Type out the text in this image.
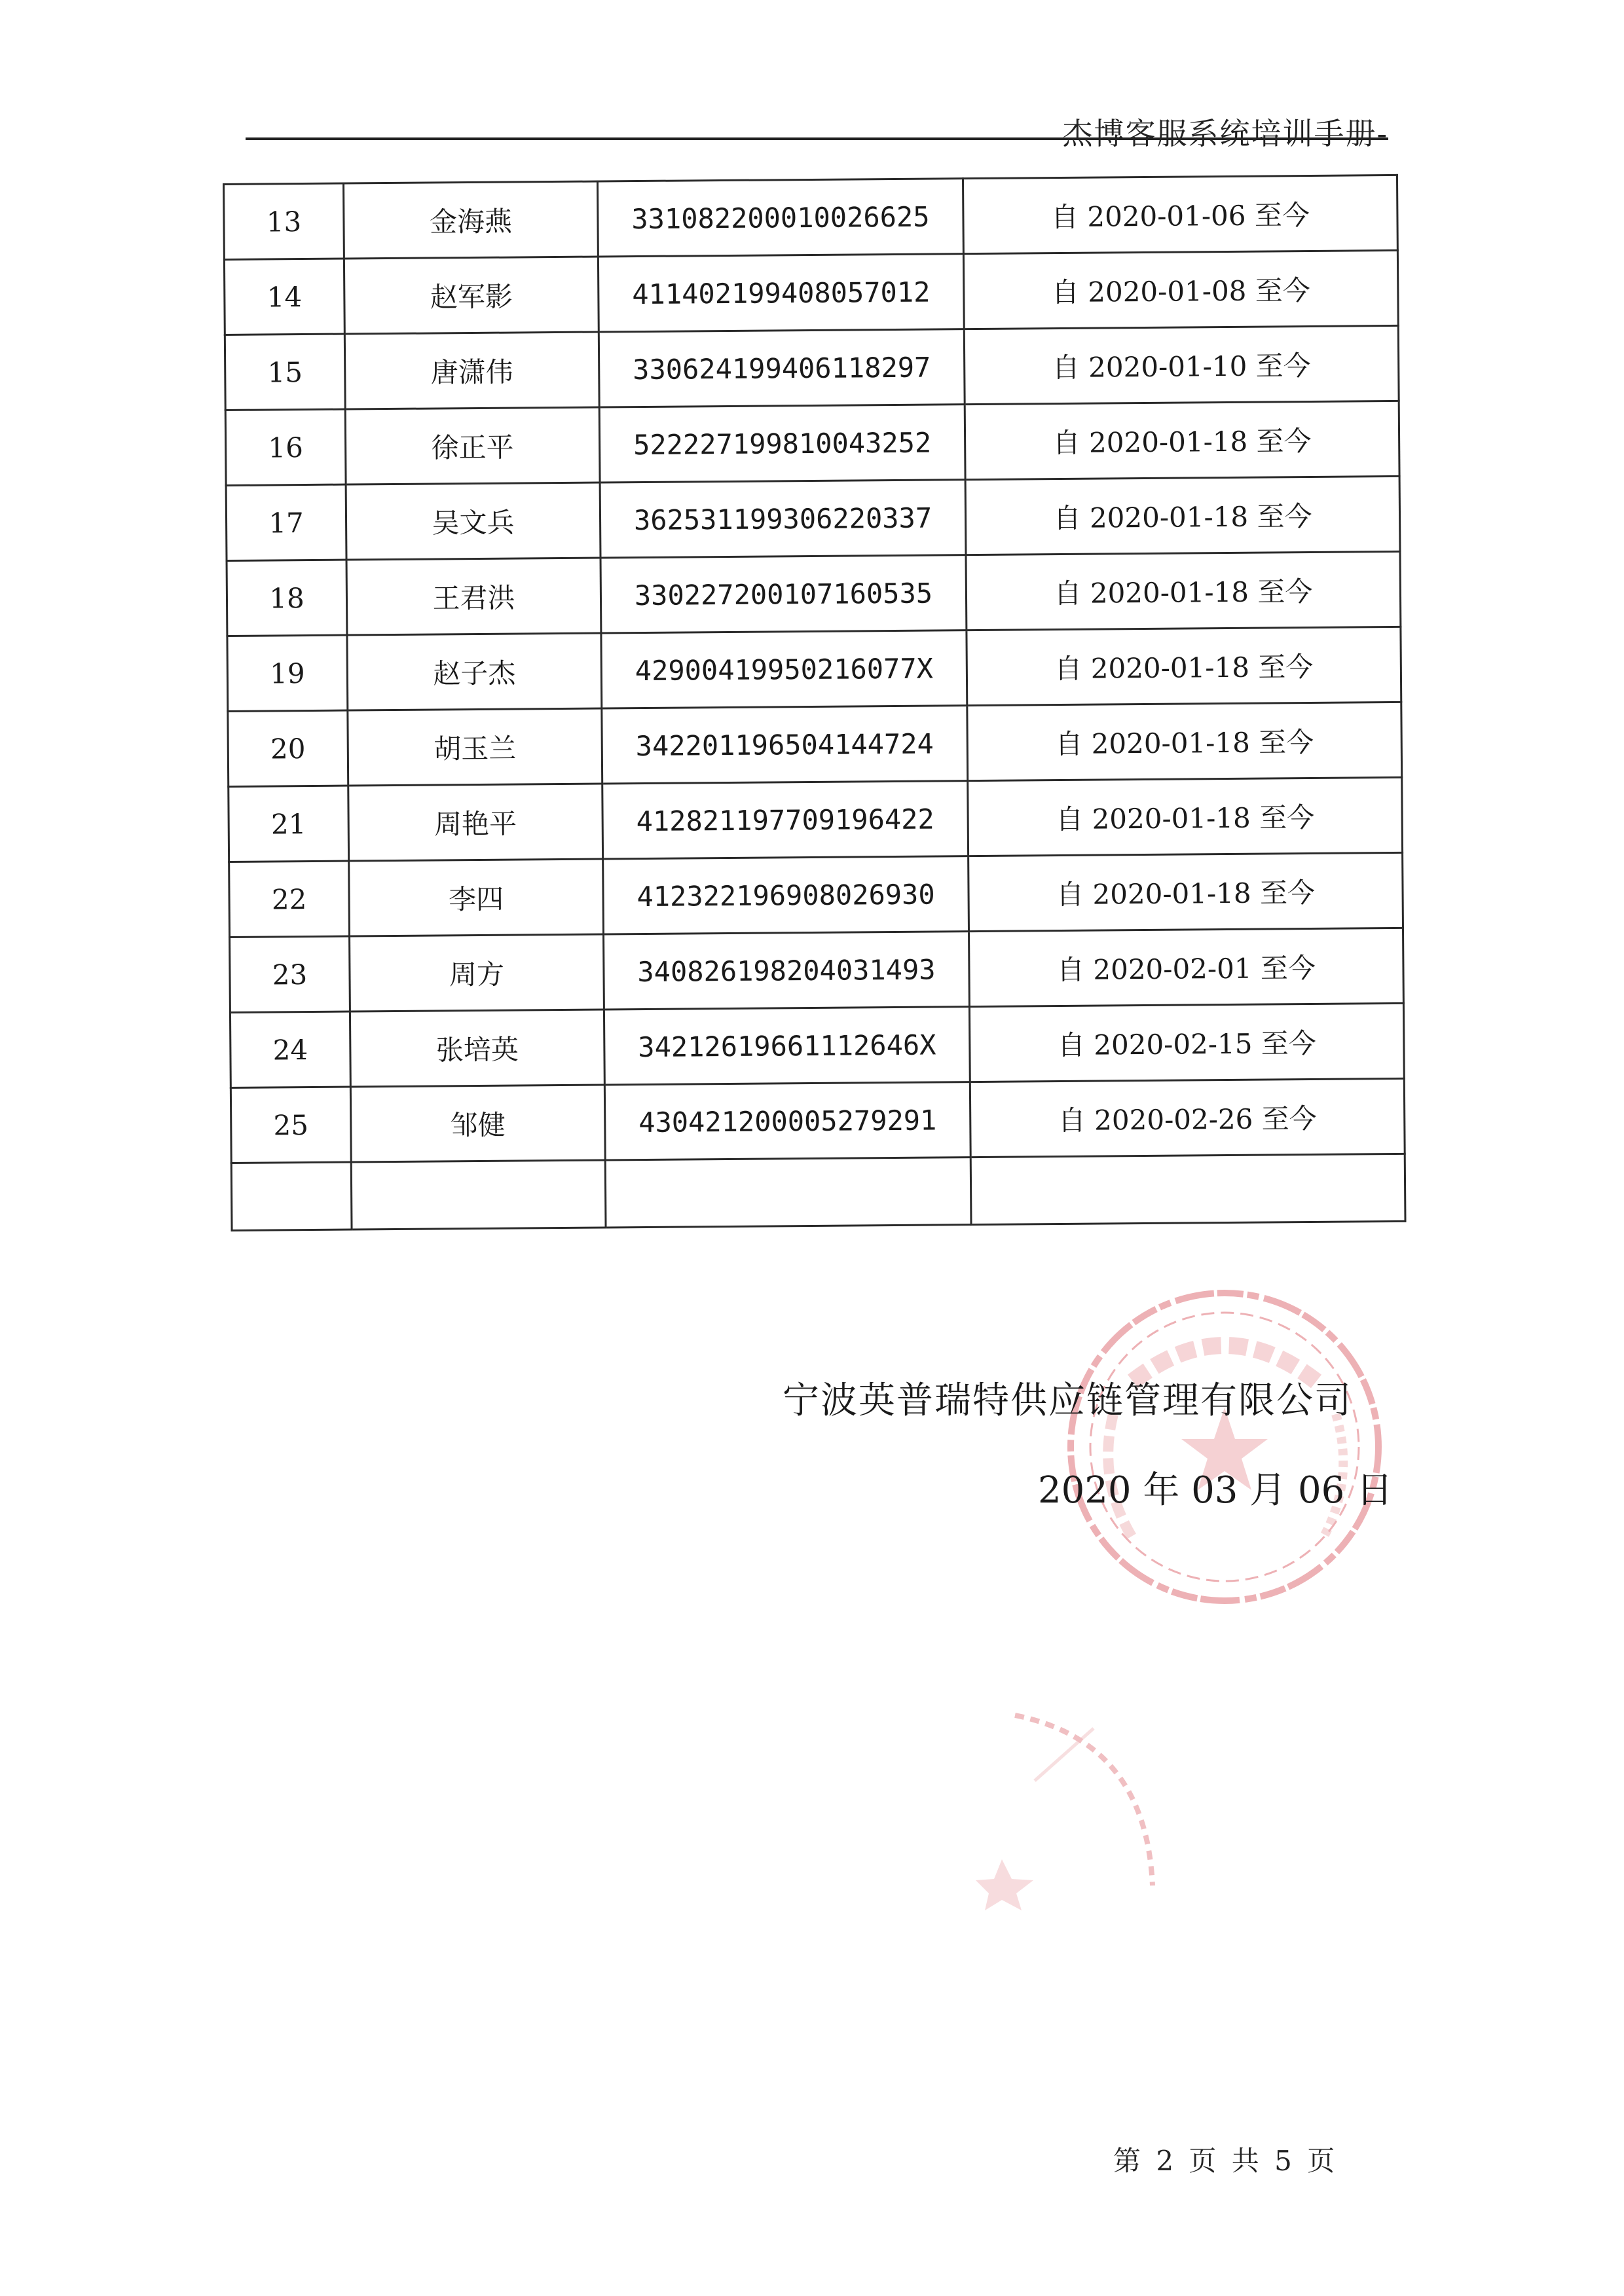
杰博客服系统培训手册-
13	金海燕	331082200010026625	自 2020-01-06 至今
14	赵军影	411402199408057012	自 2020-01-08 至今
15	唐潇伟	330624199406118297	自 2020-01-10 至今
16	徐正平	522227199810043252	自 2020-01-18 至今
17	吴文兵	362531199306220337	自 2020-01-18 至今
18	王君洪	330227200107160535	自 2020-01-18 至今
19	赵子杰	42900419950216077X	自 2020-01-18 至今
20	胡玉兰	342201196504144724	自 2020-01-18 至今
21	周艳平	412821197709196422	自 2020-01-18 至今
22	李四	412322196908026930	自 2020-01-18 至今
23	周方	340826198204031493	自 2020-02-01 至今
24	张培英	34212619661112646X	自 2020-02-15 至今
25	邹健	430421200005279291	自 2020-02-26 至今

宁波英普瑞特供应链管理有限公司
2020 年 03 月 06 日
第 2 页 共 5 页
